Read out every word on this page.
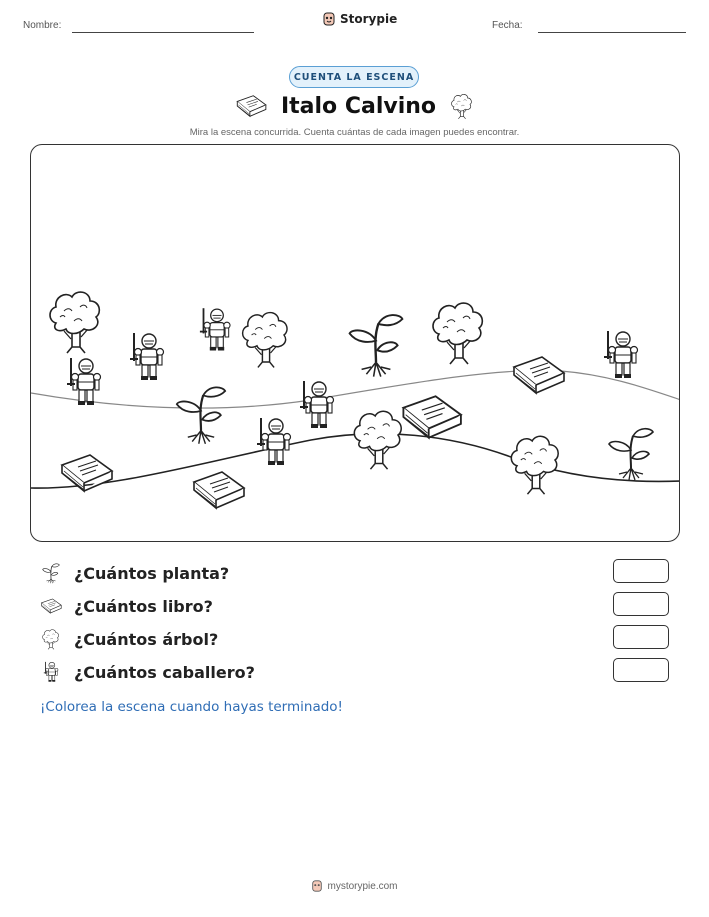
Nombre:	Storypie	Fecha:
CUENTA LA ESCENA
Italo Calvino
Mira la escena concurrida. Cuenta cuántas de cada imagen puedes encontrar.
¿Cuántos planta?
¿Cuántos libro?
¿Cuántos árbol?
¿Cuántos caballero?
¡Colorea la escena cuando hayas terminado!
mystorypie.com
